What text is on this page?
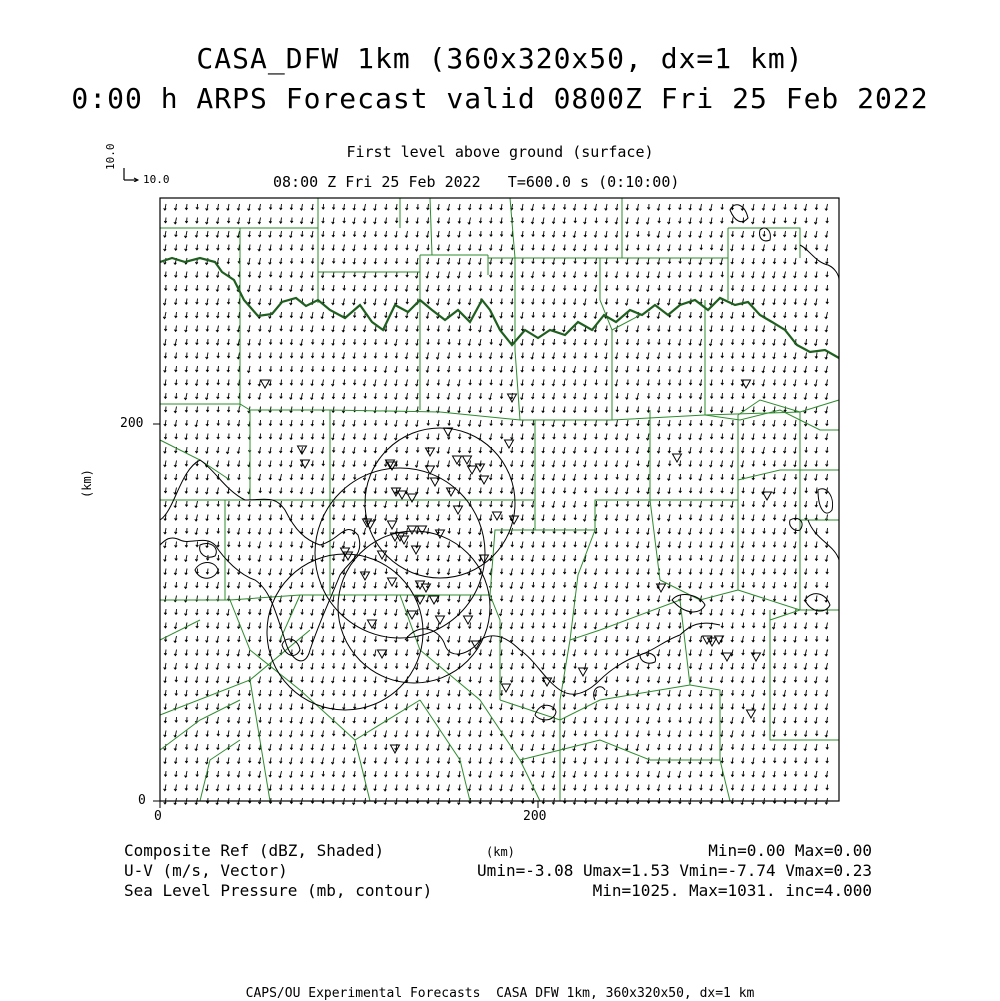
CASA_DFW 1km (360x320x50, dx=1 km)
0:00 h ARPS Forecast valid 0800Z Fri 25 Feb 2022
First level above ground (surface)
08:00 Z Fri 25 Feb 2022   T=600.0 s (0:10:00)
10.0
10.0
0
200
0	200
(km)
(km)
Composite Ref (dBZ, Shaded)
U-V (m/s, Vector)
Sea Level Pressure (mb, contour)
Min=0.00 Max=0.00
Umin=-3.08 Umax=1.53 Vmin=-7.74 Vmax=0.23
Min=1025. Max=1031. inc=4.000
CAPS/OU Experimental Forecasts  CASA DFW 1km, 360x320x50, dx=1 km
